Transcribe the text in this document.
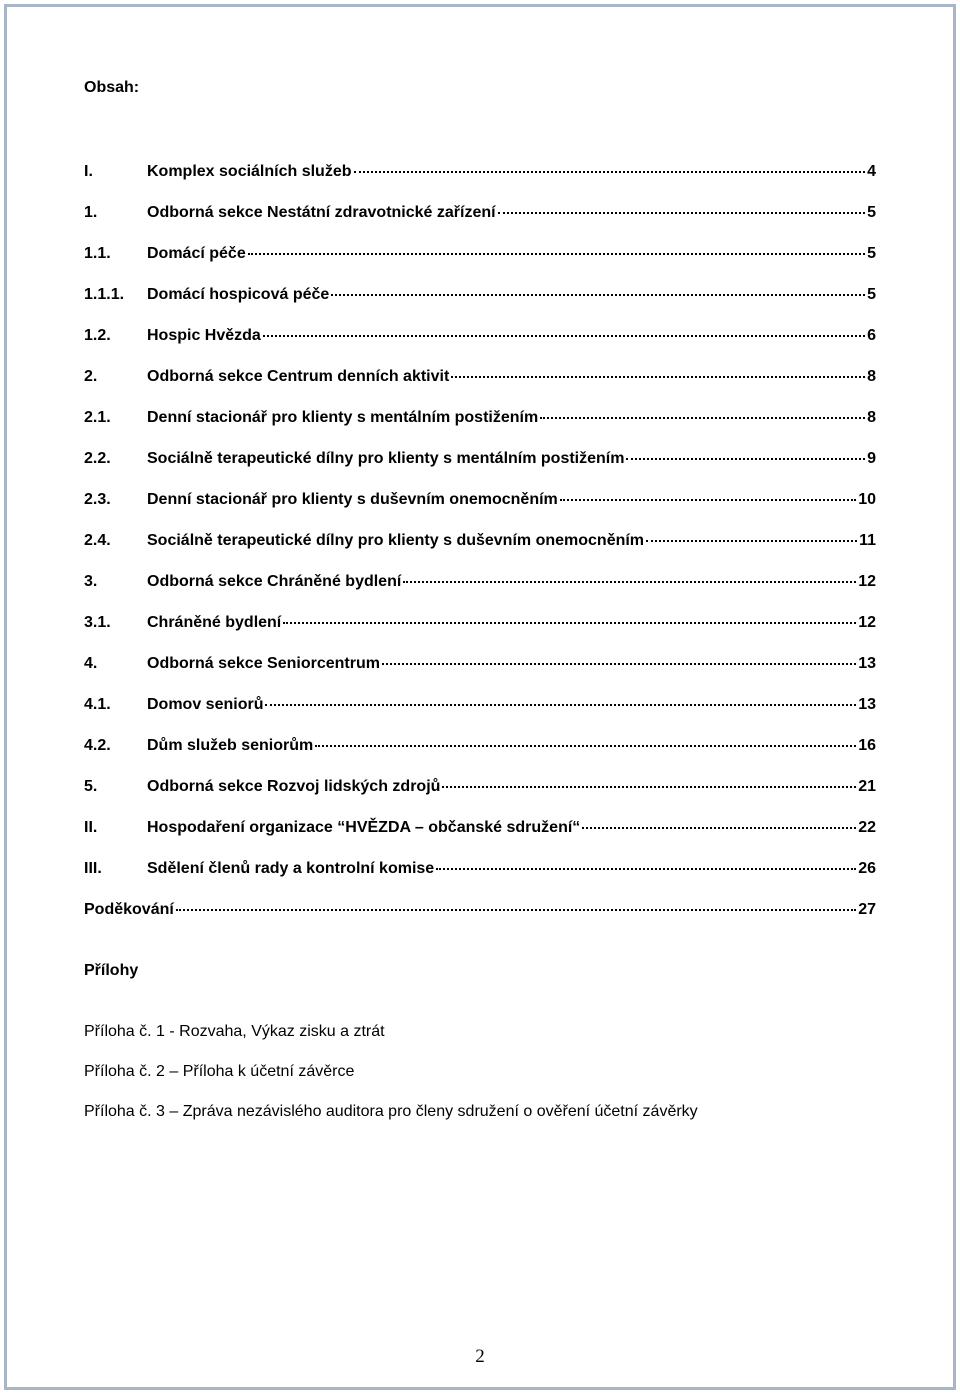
Obsah:
I.	Komplex sociálních služeb	4
1.	Odborná sekce Nestátní zdravotnické zařízení	5
1.1.	Domácí péče	5
1.1.1.	Domácí hospicová péče	5
1.2.	Hospic Hvězda	6
2.	Odborná sekce Centrum denních aktivit	8
2.1.	Denní stacionář pro klienty s mentálním postižením	8
2.2.	Sociálně terapeutické dílny pro klienty s mentálním postižením	9
2.3.	Denní stacionář pro klienty s duševním onemocněním	10
2.4.	Sociálně terapeutické dílny pro klienty s duševním onemocněním	11
3.	Odborná sekce Chráněné bydlení	12
3.1.	Chráněné bydlení	12
4.	Odborná sekce Seniorcentrum	13
4.1.	Domov seniorů	13
4.2.	Dům služeb seniorům	16
5.	Odborná sekce Rozvoj lidských zdrojů	21
II.	Hospodaření organizace “HVĚZDA – občanské sdružení“	22
III.	Sdělení členů rady a kontrolní komise	26
Poděkování	27
Přílohy
Příloha č. 1 - Rozvaha, Výkaz zisku a ztrát
Příloha č. 2 – Příloha k účetní závěrce
Příloha č. 3 – Zpráva nezávislého auditora pro členy sdružení o ověření účetní závěrky
2
